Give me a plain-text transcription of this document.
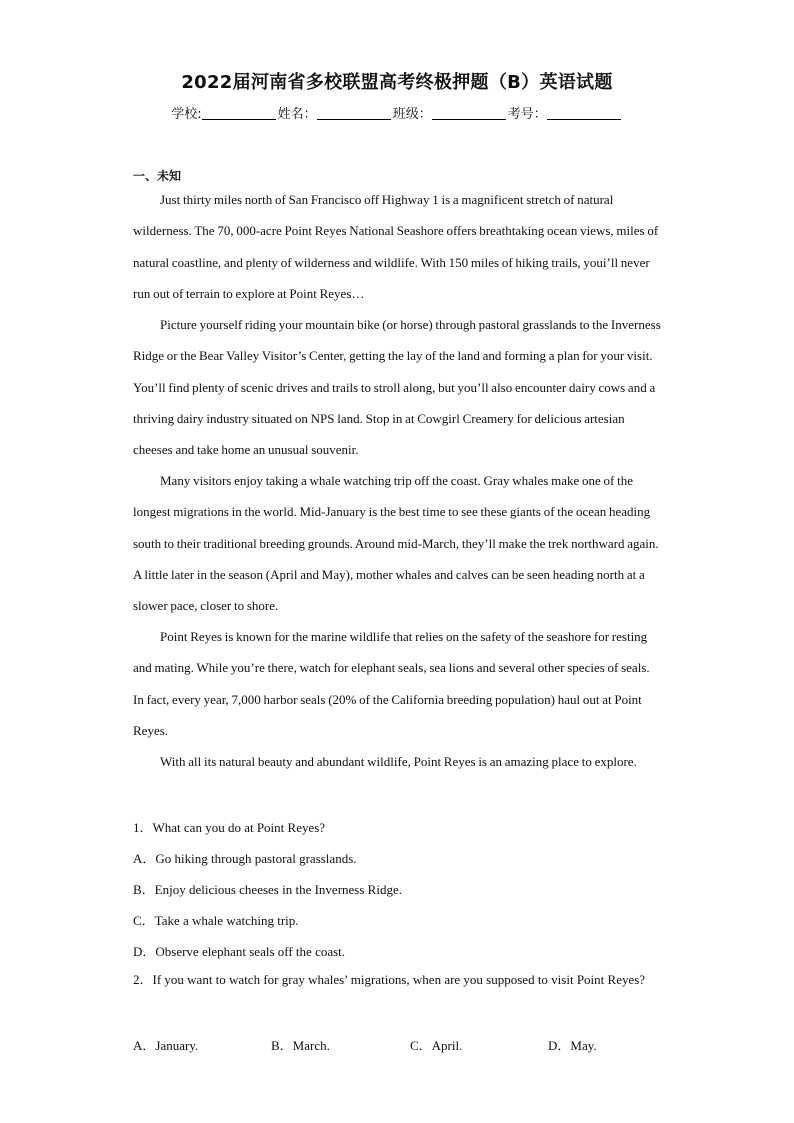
2022届河南省多校联盟高考终极押题（B）英语试题
学校:	姓名：	班级：	考号：
一、未知

Just thirty miles north of San Francisco off Highway 1 is a magnificent stretch of natural wilderness. The 70, 000-acre Point Reyes National Seashore offers breathtaking ocean views, miles of natural coastline, and plenty of wilderness and wildlife. With 150 miles of hiking trails, youi’ll never run out of terrain to explore at Point Reyes…

Picture yourself riding your mountain bike (or horse) through pastoral grasslands to the Inverness Ridge or the Bear Valley Visitor’s Center, getting the lay of the land and forming a plan for your visit. You’ll find plenty of scenic drives and trails to stroll along, but you’ll also encounter dairy cows and a thriving dairy industry situated on NPS land. Stop in at Cowgirl Creamery for delicious artesian cheeses and take home an unusual souvenir.

Many visitors enjoy taking a whale watching trip off the coast. Gray whales make one of the longest migrations in the world. Mid-January is the best time to see these giants of the ocean heading south to their traditional breeding grounds. Around mid-March, they’ll make the trek northward again. A little later in the season (April and May), mother whales and calves can be seen heading north at a slower pace, closer to shore.

Point Reyes is known for the marine wildlife that relies on the safety of the seashore for resting and mating. While you’re there, watch for elephant seals, sea lions and several other species of seals. In fact, every year, 7,000 harbor seals (20% of the California breeding population) haul out at Point Reyes.

With all its natural beauty and abundant wildlife, Point Reyes is an amazing place to explore.

1．What can you do at Point Reyes?
A．Go hiking through pastoral grasslands.
B．Enjoy delicious cheeses in the Inverness Ridge.
C．Take a whale watching trip.
D．Observe elephant seals off the coast.

2．If you want to watch for gray whales’ migrations, when are you supposed to visit Point Reyes?

A．January.	B．March.	C．April.	D．May.
